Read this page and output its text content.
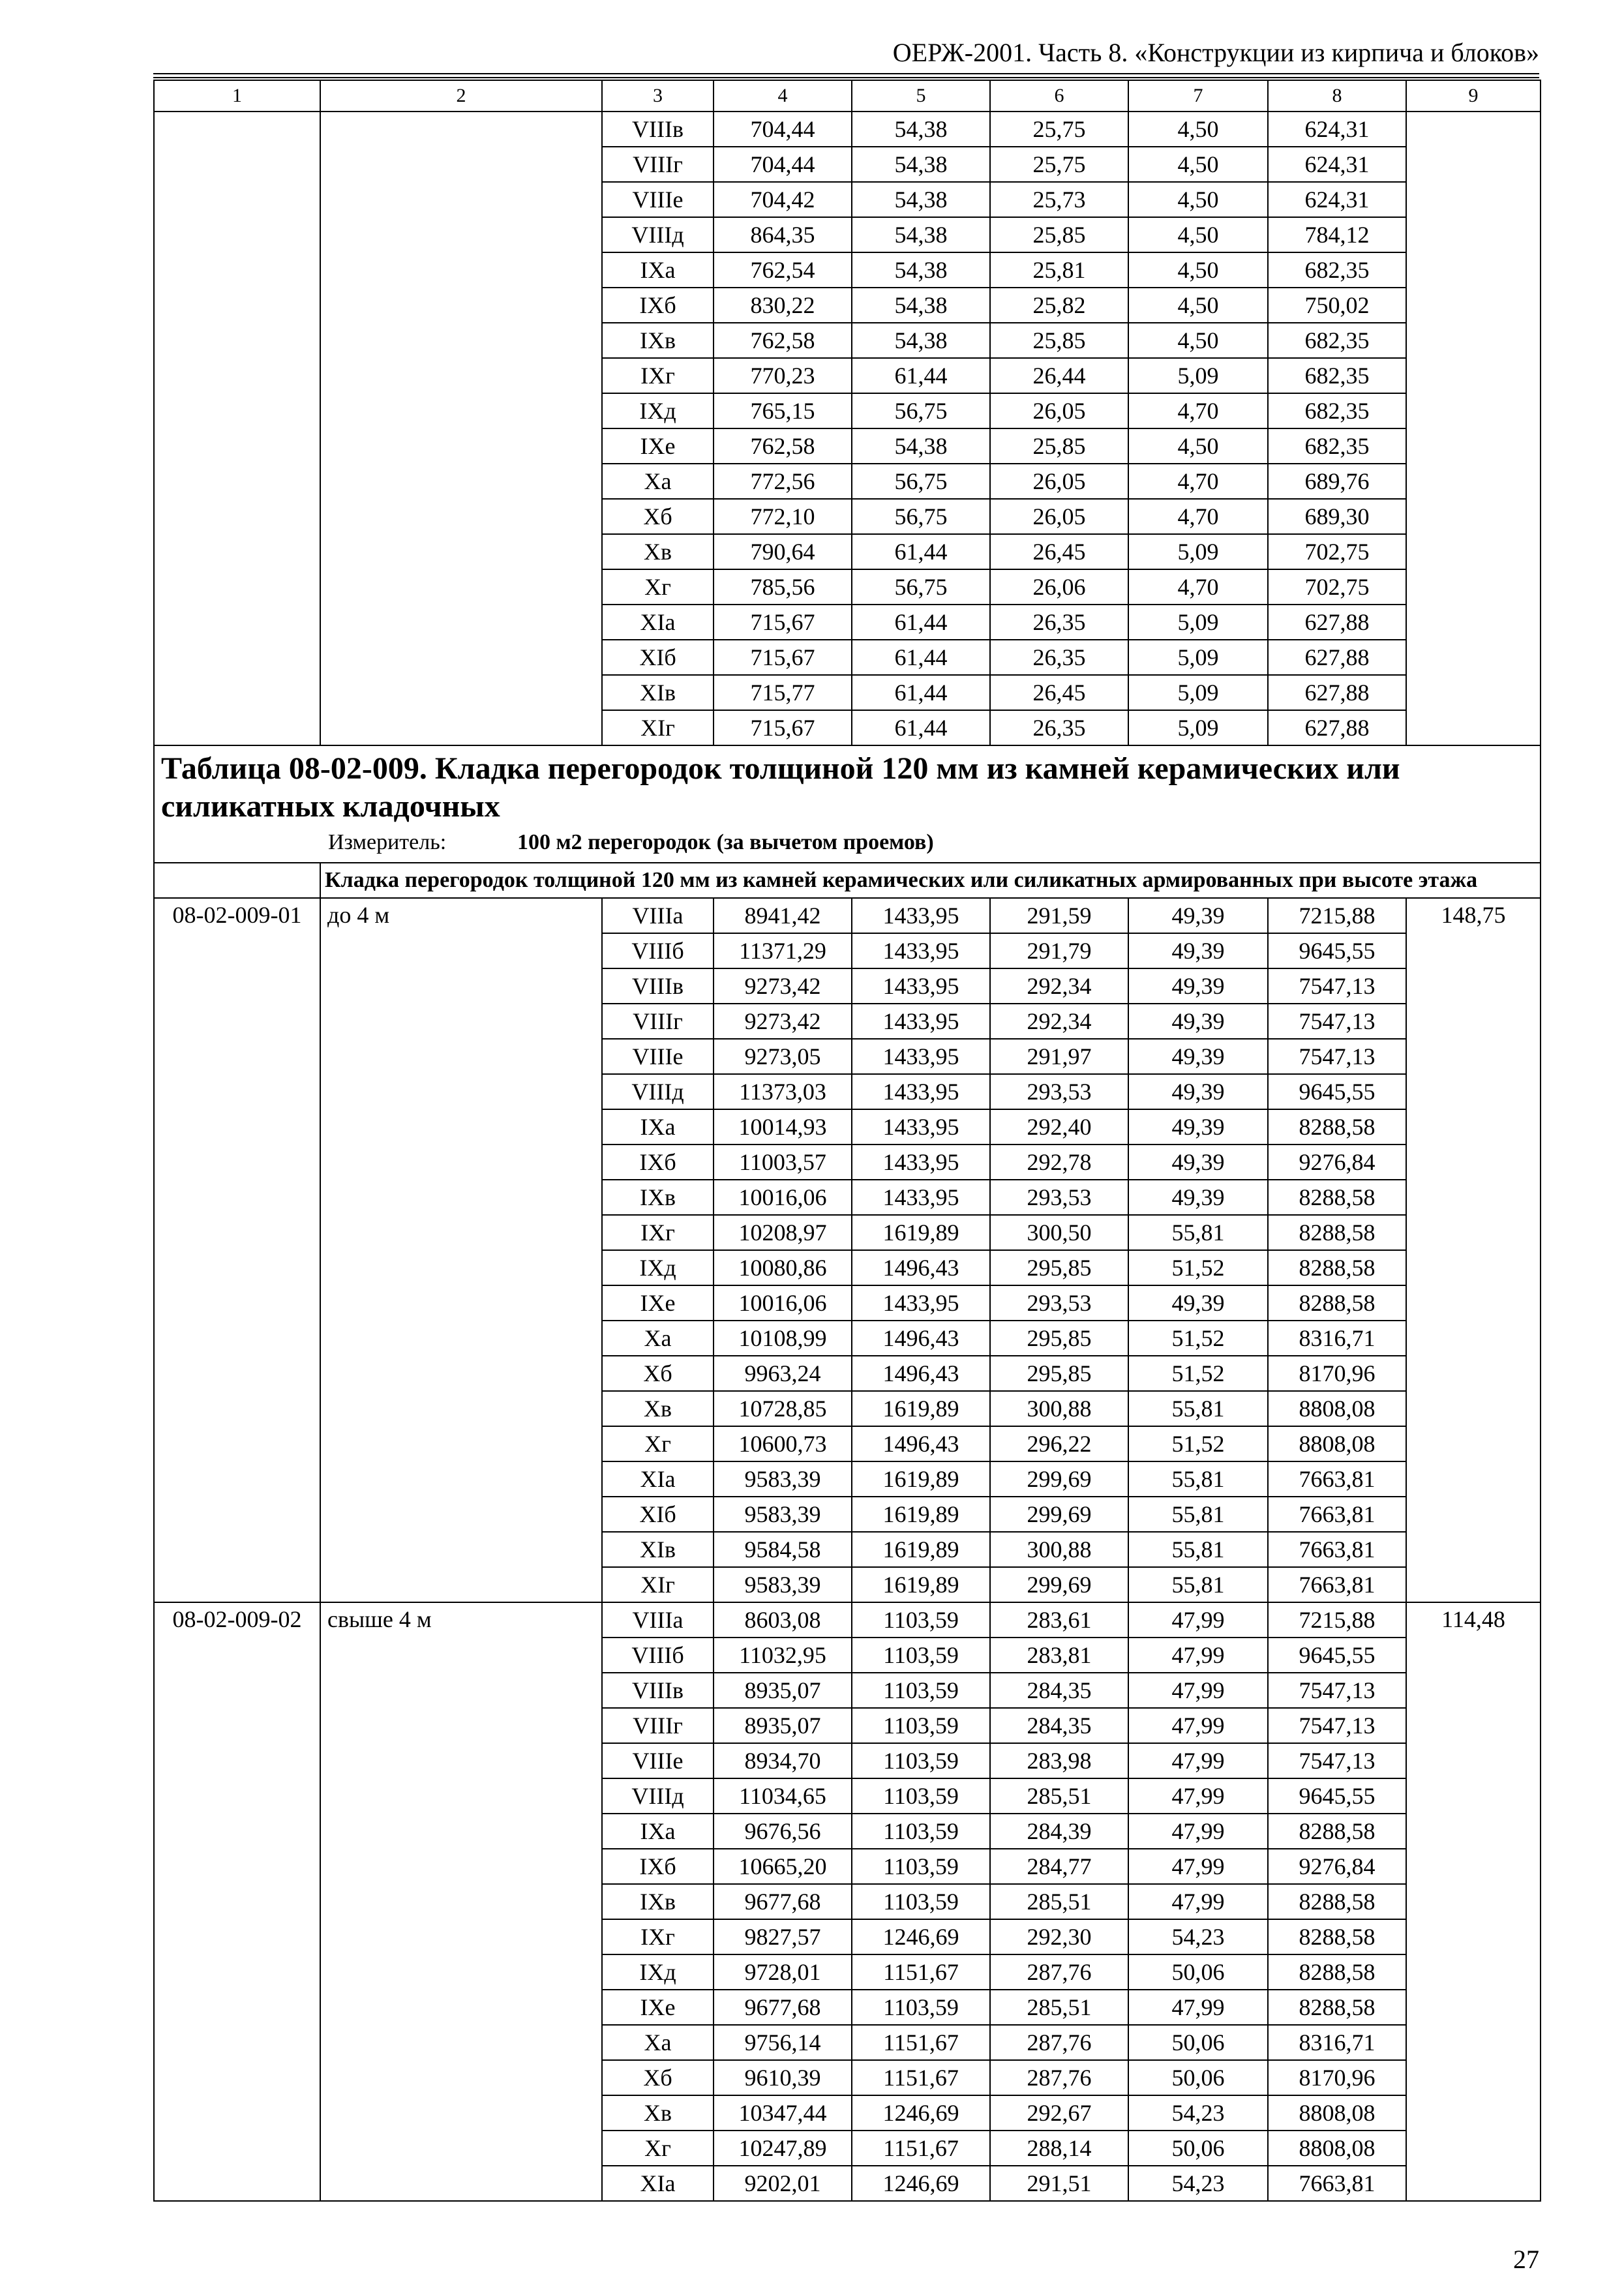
ОЕРЖ-2001. Часть 8. «Конструкции из кирпича и блоков»
1	2	3	4	5	6	7	8	9
		VIIIв	704,44	54,38	25,75	4,50	624,31	
		VIIIг	704,44	54,38	25,75	4,50	624,31	
		VIIIе	704,42	54,38	25,73	4,50	624,31	
		VIIIд	864,35	54,38	25,85	4,50	784,12	
		IXа	762,54	54,38	25,81	4,50	682,35	
		IXб	830,22	54,38	25,82	4,50	750,02	
		IXв	762,58	54,38	25,85	4,50	682,35	
		IXг	770,23	61,44	26,44	5,09	682,35	
		IXд	765,15	56,75	26,05	4,70	682,35	
		IXе	762,58	54,38	25,85	4,50	682,35	
		Xа	772,56	56,75	26,05	4,70	689,76	
		Xб	772,10	56,75	26,05	4,70	689,30	
		Xв	790,64	61,44	26,45	5,09	702,75	
		Xг	785,56	56,75	26,06	4,70	702,75	
		XIа	715,67	61,44	26,35	5,09	627,88	
		XIб	715,67	61,44	26,35	5,09	627,88	
		XIв	715,77	61,44	26,45	5,09	627,88	
		XIг	715,67	61,44	26,35	5,09	627,88	

Таблица 08-02-009. Кладка перегородок толщиной 120 мм из камней керамических или силикатных кладочных
Измеритель: 100 м2 перегородок (за вычетом проемов)								

	Кладка перегородок толщиной 120 мм из камней керамических или силикатных армированных при высоте этажа							
08-02-009-01	до 4 м	VIIIа	8941,42	1433,95	291,59	49,39	7215,88	148,75
		VIIIб	11371,29	1433,95	291,79	49,39	9645,55	
		VIIIв	9273,42	1433,95	292,34	49,39	7547,13	
		VIIIг	9273,42	1433,95	292,34	49,39	7547,13	
		VIIIе	9273,05	1433,95	291,97	49,39	7547,13	
		VIIIд	11373,03	1433,95	293,53	49,39	9645,55	
		IXа	10014,93	1433,95	292,40	49,39	8288,58	
		IXб	11003,57	1433,95	292,78	49,39	9276,84	
		IXв	10016,06	1433,95	293,53	49,39	8288,58	
		IXг	10208,97	1619,89	300,50	55,81	8288,58	
		IXд	10080,86	1496,43	295,85	51,52	8288,58	
		IXе	10016,06	1433,95	293,53	49,39	8288,58	
		Xа	10108,99	1496,43	295,85	51,52	8316,71	
		Xб	9963,24	1496,43	295,85	51,52	8170,96	
		Xв	10728,85	1619,89	300,88	55,81	8808,08	
		Xг	10600,73	1496,43	296,22	51,52	8808,08	
		XIа	9583,39	1619,89	299,69	55,81	7663,81	
		XIб	9583,39	1619,89	299,69	55,81	7663,81	
		XIв	9584,58	1619,89	300,88	55,81	7663,81	
		XIг	9583,39	1619,89	299,69	55,81	7663,81	
08-02-009-02	свыше 4 м	VIIIа	8603,08	1103,59	283,61	47,99	7215,88	114,48
		VIIIб	11032,95	1103,59	283,81	47,99	9645,55	
		VIIIв	8935,07	1103,59	284,35	47,99	7547,13	
		VIIIг	8935,07	1103,59	284,35	47,99	7547,13	
		VIIIе	8934,70	1103,59	283,98	47,99	7547,13	
		VIIIд	11034,65	1103,59	285,51	47,99	9645,55	
		IXа	9676,56	1103,59	284,39	47,99	8288,58	
		IXб	10665,20	1103,59	284,77	47,99	9276,84	
		IXв	9677,68	1103,59	285,51	47,99	8288,58	
		IXг	9827,57	1246,69	292,30	54,23	8288,58	
		IXд	9728,01	1151,67	287,76	50,06	8288,58	
		IXе	9677,68	1103,59	285,51	47,99	8288,58	
		Xа	9756,14	1151,67	287,76	50,06	8316,71	
		Xб	9610,39	1151,67	287,76	50,06	8170,96	
		Xв	10347,44	1246,69	292,67	54,23	8808,08	
		Xг	10247,89	1151,67	288,14	50,06	8808,08	
		XIа	9202,01	1246,69	291,51	54,23	7663,81	
27
